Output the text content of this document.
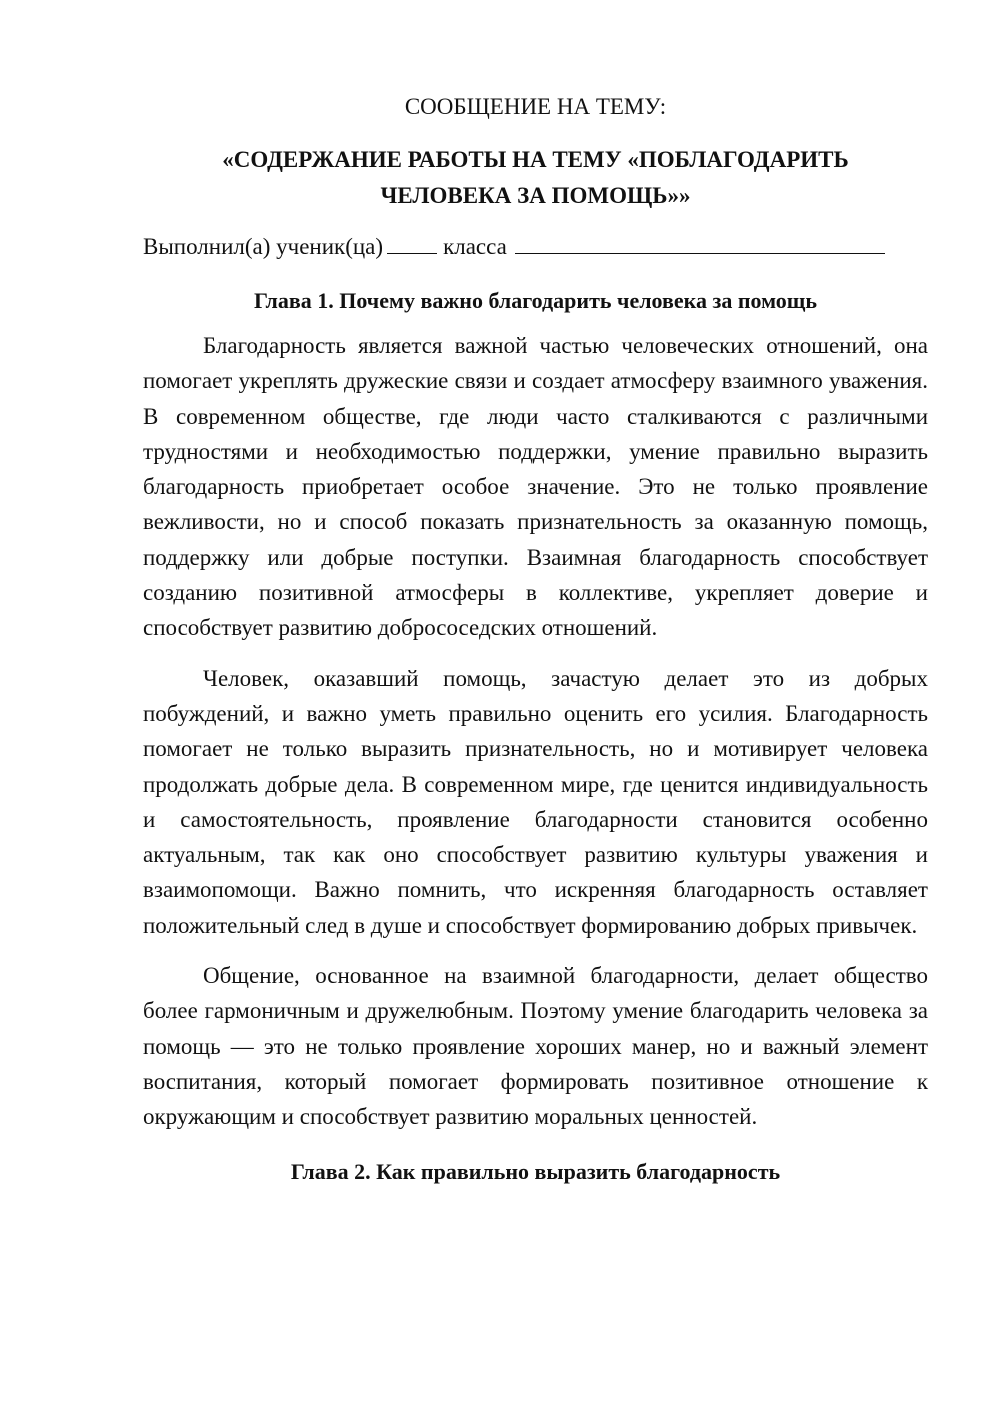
СООБЩЕНИЕ НА ТЕМУ:
«СОДЕРЖАНИЕ РАБОТЫ НА ТЕМУ «ПОБЛАГОДАРИТЬ
ЧЕЛОВЕКА ЗА ПОМОЩЬ»»
Выполнил(а) ученик(ца)	класса
Глава 1. Почему важно благодарить человека за помощь

Благодарность является важной частью человеческих отношений, она помогает укреплять дружеские связи и создает атмосферу взаимного уважения. В современном обществе, где люди часто сталкиваются с различными трудностями и необходимостью поддержки, умение правильно выразить благодарность приобретает особое значение. Это не только проявление вежливости, но и способ показать признательность за оказанную помощь, поддержку или добрые поступки. Взаимная благодарность способствует созданию позитивной атмосферы в коллективе, укрепляет доверие и способствует развитию добрососедских отношений.

Человек, оказавший помощь, зачастую делает это из добрых побуждений, и важно уметь правильно оценить его усилия. Благодарность помогает не только выразить признательность, но и мотивирует человека продолжать добрые дела. В современном мире, где ценится индивидуальность и самостоятельность, проявление благодарности становится особенно актуальным, так как оно способствует развитию культуры уважения и взаимопомощи. Важно помнить, что искренняя благодарность оставляет положительный след в душе и способствует формированию добрых привычек.

Общение, основанное на взаимной благодарности, делает общество более гармоничным и дружелюбным. Поэтому умение благодарить человека за помощь — это не только проявление хороших манер, но и важный элемент воспитания, который помогает формировать позитивное отношение к окружающим и способствует развитию моральных ценностей.

Глава 2. Как правильно выразить благодарность
